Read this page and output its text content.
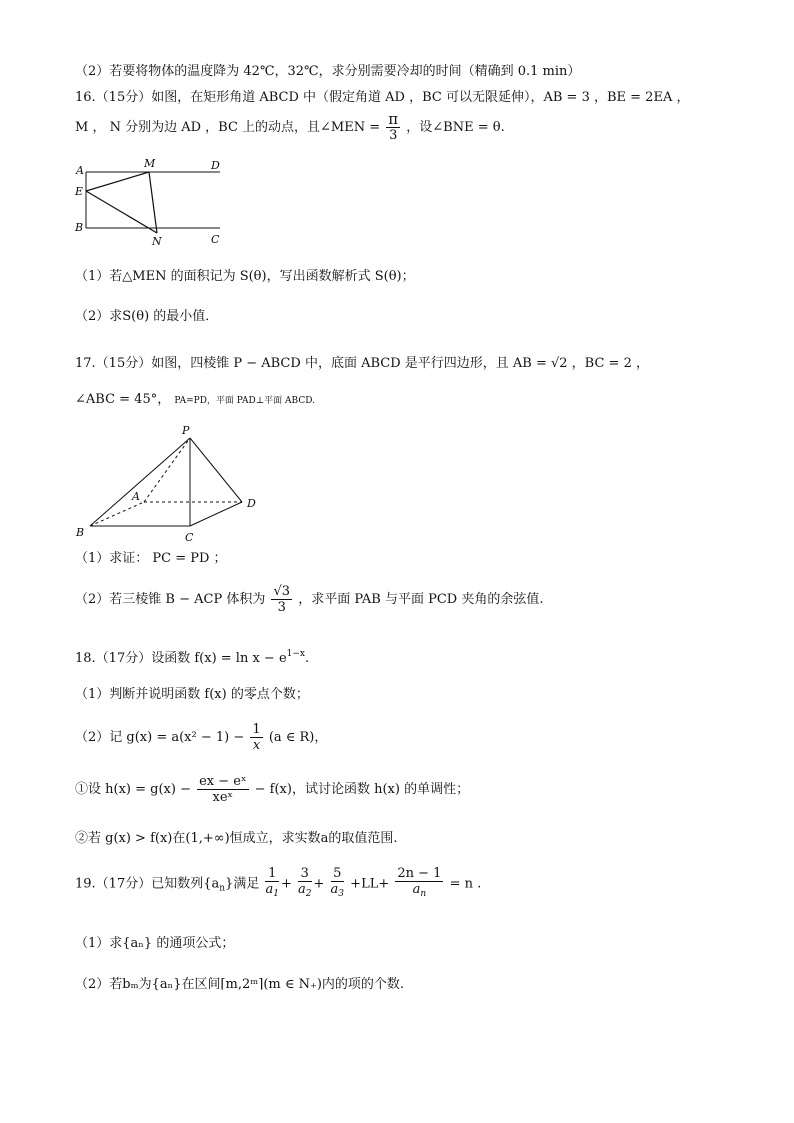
（2）若要将物体的温度降为 42℃，32℃，求分别需要冷却的时间（精确到 0.1 min）
16.（15分）如图，在矩形角道 ABCD 中（假定角道 AD ，BC 可以无限延伸），AB = 3 ，BE = 2EA ，
M ， N 分别为边 AD ，BC 上的动点，且∠MEN = $\frac{\pi}{3}$ ，设∠BNE = θ.
A
M	D
E
B
N	C
（1）若△MEN 的面积记为 S(θ)，写出函数解析式 S(θ)；
（2）求S(θ) 的最小值．
17.（15分）如图，四棱锥 P − ABCD 中，底面 ABCD 是平行四边形，且 AB = √2 ，BC = 2 ，
∠ABC = 45°， PA=PD，平面 PAD⊥平面 ABCD.
P
A
B	C
D
（1）求证： PC = PD ；
（2）若三棱锥 B − ACP 体积为 $\frac{√3}{3}$ ，求平面 PAB 与平面 PCD 夹角的余弦值.
18.（17分）设函数 $f(x) = \ln x - e^{1-x}$.
（1）判断并说明函数 f(x) 的零点个数；
（2）记 $g(x) = a(x^2 - 1) - \frac{1}{x} (a$ ∈ R)，
①设 $h(x) = g(x) - \frac{\text{ex − eˣ}}{\text{xeˣ}} - f(x)$，试讨论函数 h(x) 的单调性；
②若 g(x) > f(x)在(1,+∞)恒成立，求实数a的取值范围.
19.（17分）已知数列$\{a_n\}$满足 $\frac{1}{a_1} + \frac{3}{a_2} + \frac{5}{a_3} +LL+ \frac{2n - 1}{a_n} = n$ .
（1）求{aₙ} 的通项公式；
（2）若bₘ为{aₙ}在区间⌈m,2ᵐ⌉(m ∈ N₊)内的项的个数.
